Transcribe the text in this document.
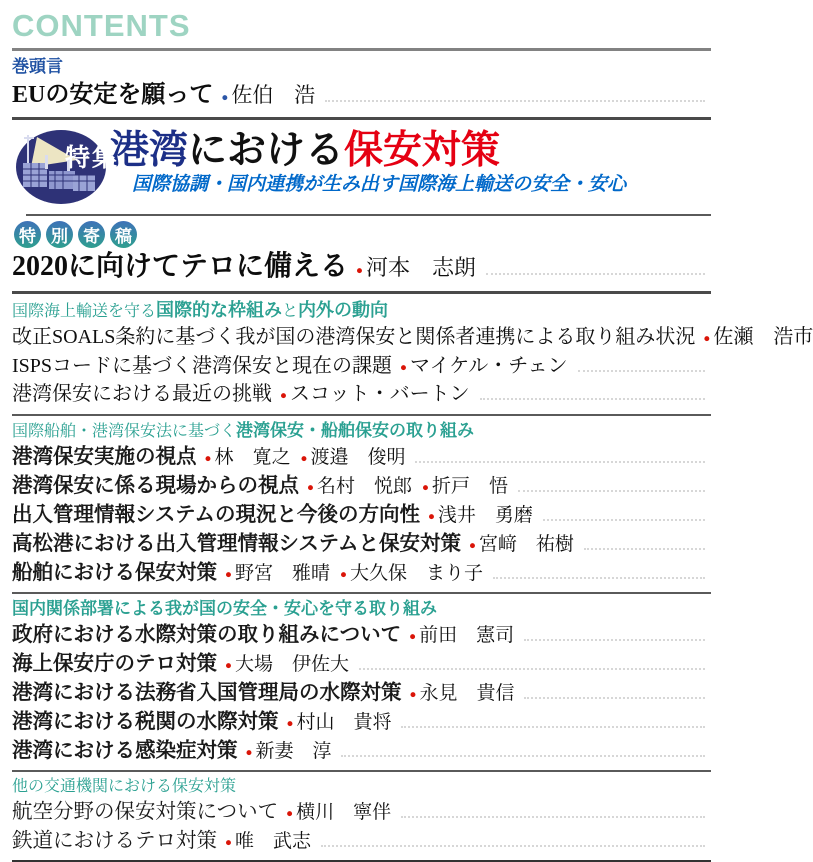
CONTENTS
巻頭言
EUの安定を願って ● 佐伯　浩
特集
港湾における保安対策
国際協調・国内連携が生み出す国際海上輸送の安全・安心
特 別 寄 稿
2020に向けてテロに備える ● 河本　志朗
国際海上輸送を守る国際的な枠組みと内外の動向
改正SOALS条約に基づく我が国の港湾保安と関係者連携による取り組み状況 ● 佐瀬　浩市
ISPSコードに基づく港湾保安と現在の課題 ● マイケル・チェン
港湾保安における最近の挑戦 ● スコット・バートン
国際船舶・港湾保安法に基づく港湾保安・船舶保安の取り組み
港湾保安実施の視点 ● 林　寛之 ● 渡邉　俊明
港湾保安に係る現場からの視点 ● 名村　悦郎 ● 折戸　悟
出入管理情報システムの現況と今後の方向性 ● 浅井　勇磨
高松港における出入管理情報システムと保安対策 ● 宮﨑　祐樹
船舶における保安対策 ● 野宮　雅晴 ● 大久保　まり子
国内関係部署による我が国の安全・安心を守る取り組み
政府における水際対策の取り組みについて ● 前田　憲司
海上保安庁のテロ対策 ● 大場　伊佐大
港湾における法務省入国管理局の水際対策 ● 永見　貴信
港湾における税関の水際対策 ● 村山　貴将
港湾における感染症対策 ● 新妻　淳
他の交通機関における保安対策
航空分野の保安対策について ● 横川　寧伴
鉄道におけるテロ対策 ● 唯　武志
